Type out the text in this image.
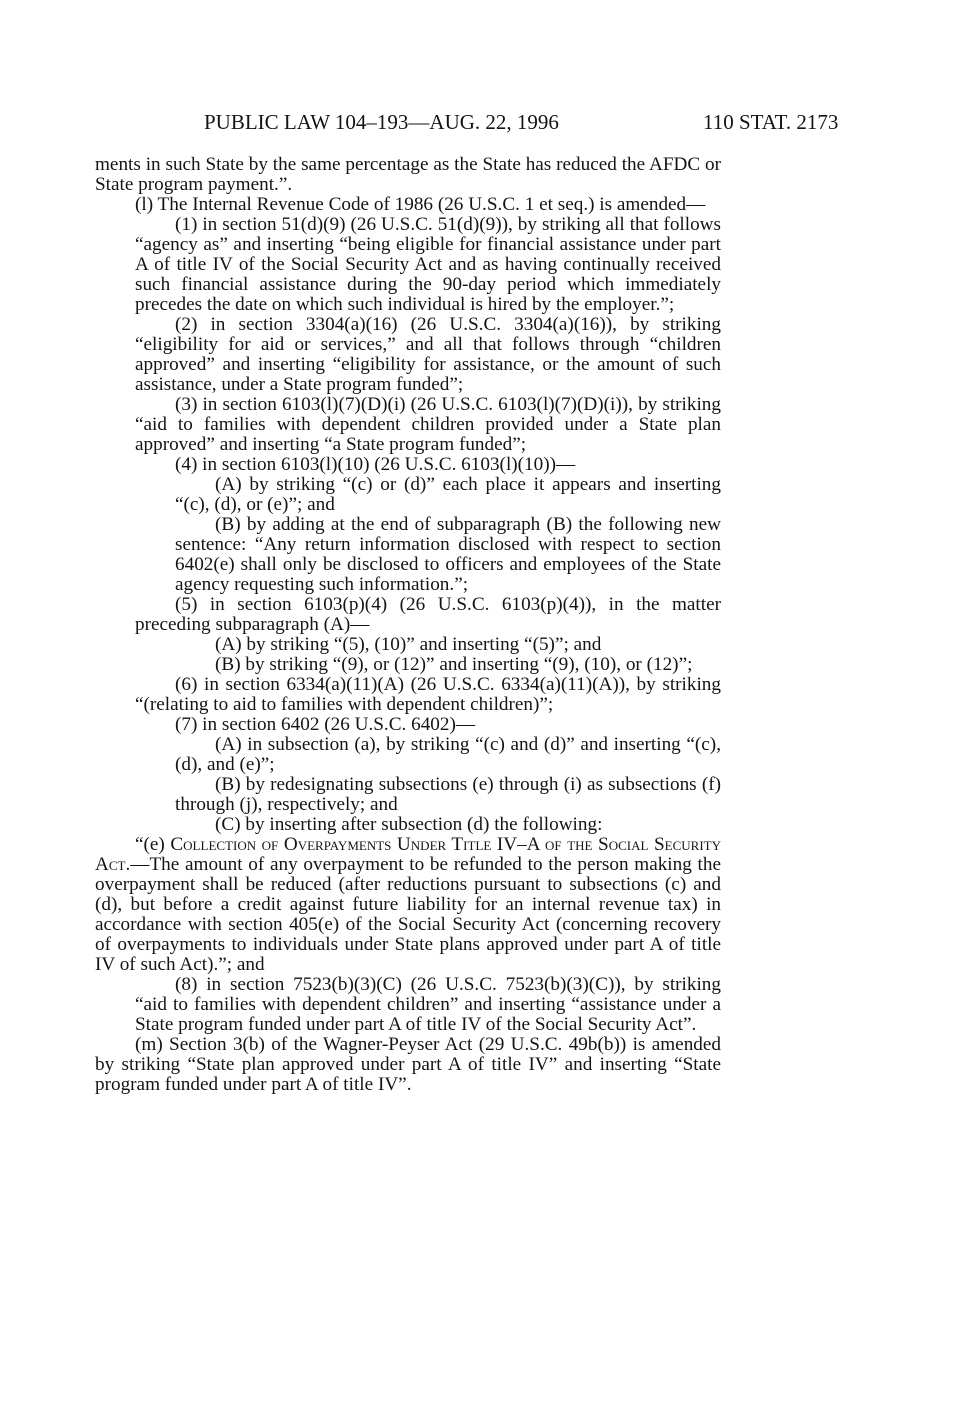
PUBLIC LAW 104–193—AUG. 22, 1996	110 STAT. 2173

ments in such State by the same percentage as the State has reduced the AFDC or State program payment.”.

(l) The Internal Revenue Code of 1986 (26 U.S.C. 1 et seq.) is amended—

(1) in section 51(d)(9) (26 U.S.C. 51(d)(9)), by striking all that follows “agency as” and inserting “being eligible for financial assistance under part A of title IV of the Social Security Act and as having continually received such financial assistance during the 90-day period which immediately precedes the date on which such individual is hired by the employer.”;

(2) in section 3304(a)(16) (26 U.S.C. 3304(a)(16)), by striking “eligibility for aid or services,” and all that follows through “children approved” and inserting “eligibility for assistance, or the amount of such assistance, under a State program funded”;

(3) in section 6103(l)(7)(D)(i) (26 U.S.C. 6103(l)(7)(D)(i)), by striking “aid to families with dependent children provided under a State plan approved” and inserting “a State program funded”;

(4) in section 6103(l)(10) (26 U.S.C. 6103(l)(10))—

(A) by striking “(c) or (d)” each place it appears and inserting “(c), (d), or (e)”; and

(B) by adding at the end of subparagraph (B) the following new sentence: “Any return information disclosed with respect to section 6402(e) shall only be disclosed to officers and employees of the State agency requesting such information.”;

(5) in section 6103(p)(4) (26 U.S.C. 6103(p)(4)), in the matter preceding subparagraph (A)—

(A) by striking “(5), (10)” and inserting “(5)”; and

(B) by striking “(9), or (12)” and inserting “(9), (10), or (12)”;

(6) in section 6334(a)(11)(A) (26 U.S.C. 6334(a)(11)(A)), by striking “(relating to aid to families with dependent children)”;

(7) in section 6402 (26 U.S.C. 6402)—

(A) in subsection (a), by striking “(c) and (d)” and inserting “(c), (d), and (e)”;

(B) by redesignating subsections (e) through (i) as subsections (f) through (j), respectively; and

(C) by inserting after subsection (d) the following:

“(e) Collection of Overpayments Under Title IV–A of the Social Security Act.—The amount of any overpayment to be refunded to the person making the overpayment shall be reduced (after reductions pursuant to subsections (c) and (d), but before a credit against future liability for an internal revenue tax) in accordance with section 405(e) of the Social Security Act (concerning recovery of overpayments to individuals under State plans approved under part A of title IV of such Act).”; and

(8) in section 7523(b)(3)(C) (26 U.S.C. 7523(b)(3)(C)), by striking “aid to families with dependent children” and inserting “assistance under a State program funded under part A of title IV of the Social Security Act”.

(m) Section 3(b) of the Wagner-Peyser Act (29 U.S.C. 49b(b)) is amended by striking “State plan approved under part A of title IV” and inserting “State program funded under part A of title IV”.
